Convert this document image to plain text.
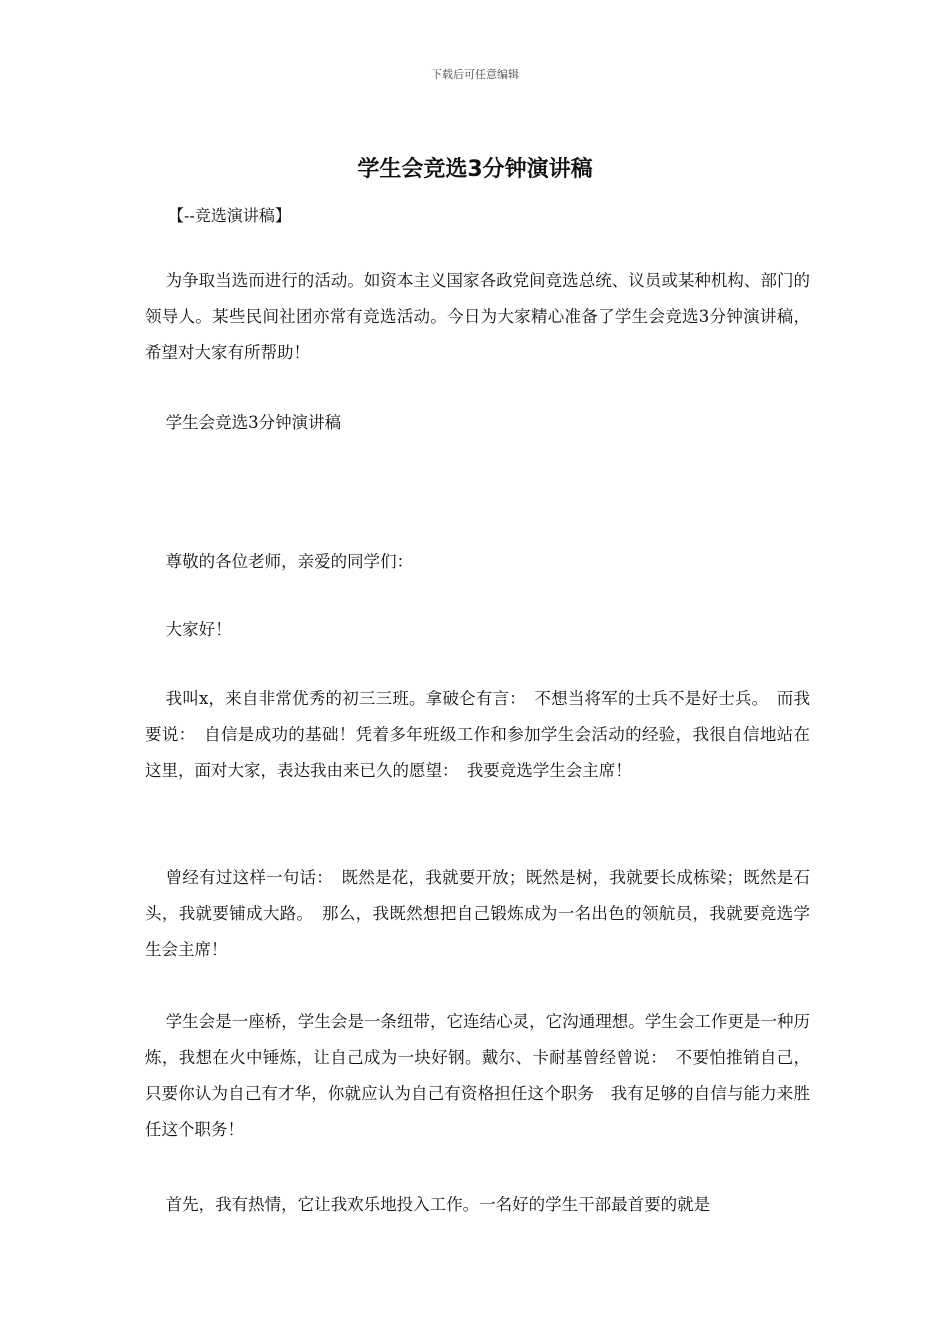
下载后可任意编辑
学生会竞选3分钟演讲稿
【--竞选演讲稿】

为争取当选而进行的活动。如资本主义国家各政党间竞选总统、议员或某种机构、部门的领导人。某些民间社团亦常有竞选活动。今日为大家精心准备了学生会竞选3分钟演讲稿，希望对大家有所帮助！

学生会竞选3分钟演讲稿

尊敬的各位老师，亲爱的同学们：

大家好！

我叫x，来自非常优秀的初三三班。拿破仑有言：　不想当将军的士兵不是好士兵。　而我要说：　自信是成功的基础！凭着多年班级工作和参加学生会活动的经验，我很自信地站在这里，面对大家，表达我由来已久的愿望：　我要竞选学生会主席！

曾经有过这样一句话：　既然是花，我就要开放；既然是树，我就要长成栋梁；既然是石头，我就要铺成大路。　那么，我既然想把自己锻炼成为一名出色的领航员，我就要竞选学生会主席！

学生会是一座桥，学生会是一条纽带，它连结心灵，它沟通理想。学生会工作更是一种历炼，我想在火中锤炼，让自己成为一块好钢。戴尔、卡耐基曾经曾说：　不要怕推销自己，只要你认为自己有才华，你就应认为自己有资格担任这个职务　我有足够的自信与能力来胜任这个职务！

首先，我有热情，它让我欢乐地投入工作。一名好的学生干部最首要的就是
